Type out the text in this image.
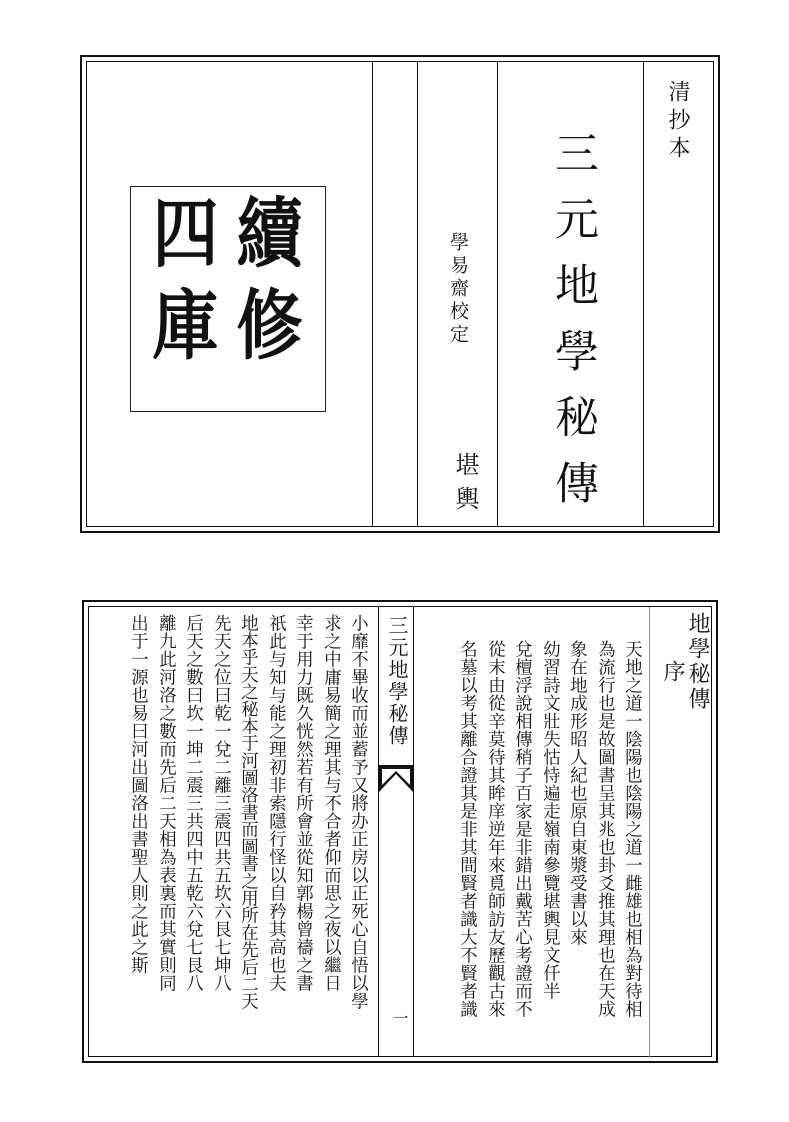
清抄本
三元地學秘傳
學易齋校定
堪輿
續修
四庫
三元地學秘傳
一
地學秘傳
序
天地之道一陰陽也陰陽之道一雌雄也相為對待相
為流行也是故圖書呈其兆也卦爻推其理也在天成
象在地成形昭人紀也原自東漿受書以來
幼習詩文壯失怙恃遍走嶺南參覽堪輿見文仟半
兌檀浮說相傳稍子百家是非錯出戴苦心考證而不
從末由從辛莫待其眸庠逆年來覓師訪友歷觀古來
名墓以考其離合證其是非其間賢者識大不賢者識
小靡不畢收而並蓄予又將办正房以正死心自悟以學
求之中庸易簡之理其与不合者仰而思之夜以繼日
幸于用力既久恍然若有所會並從知郭楊曾禱之書
祇此与知与能之理初非索隱行怪以自矜其高也夫
地本乎天之秘本于河圖洛書而圖書之用所在先后二天
先天之位曰乾一兌二離三震四共五坎六艮七坤八
后天之數曰坎一坤二震三共四中五乾六兌七艮八
離九此河洛之數而先后二天相為表裏而其實則同
出于一源也易曰河出圖洛出書聖人則之此之斯
